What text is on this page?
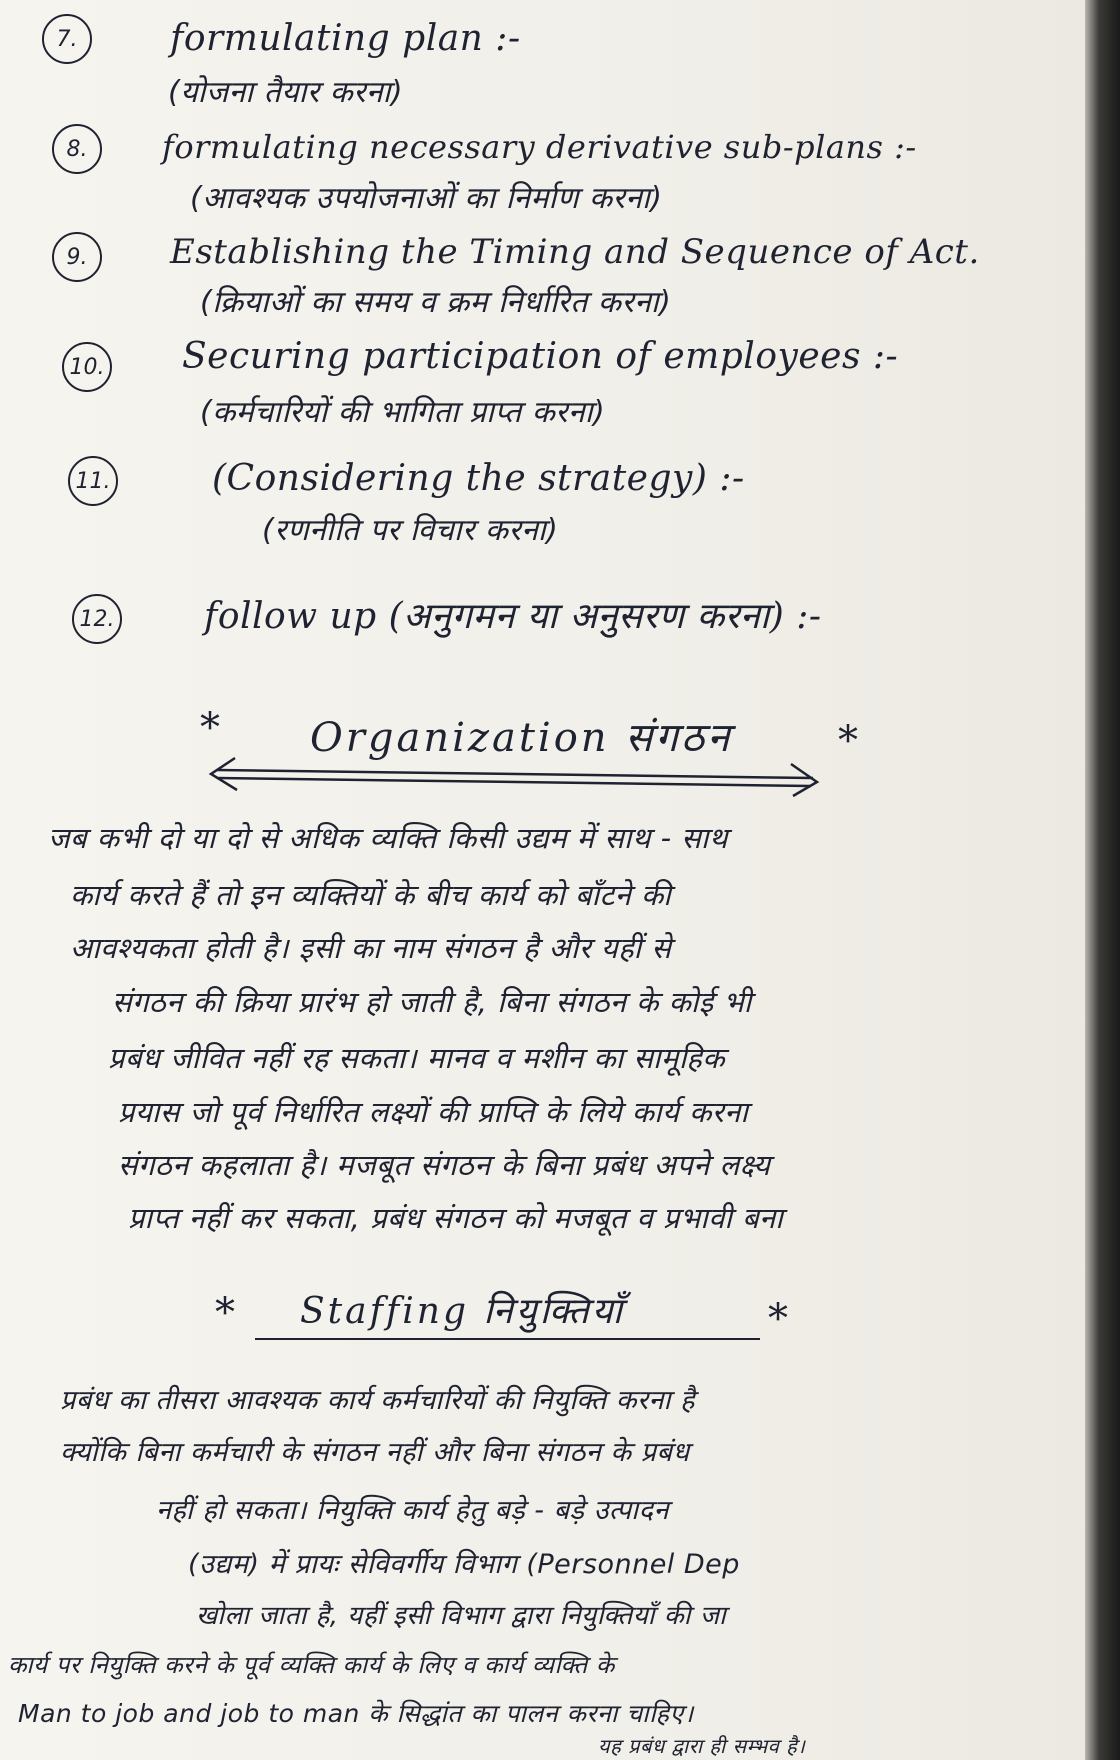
7.	formulating plan :-
(योजना तैयार करना)
8.	formulating necessary derivative sub-plans :-
(आवश्यक उपयोजनाओं का निर्माण करना)
9.	Establishing the Timing and Sequence of Act.
(क्रियाओं का समय व क्रम निर्धारित करना)
10. Securing participation of employees :-
(कर्मचारियों की भागिता प्राप्त करना)
11.	(Considering the strategy) :-
(रणनीति पर विचार करना)
12. follow up (अनुगमन या अनुसरण करना) :-
* Organization संगठन	*
जब कभी दो या दो से अधिक व्यक्ति किसी उद्यम में साथ - साथ
कार्य करते हैं तो इन व्यक्तियों के बीच कार्य को बाँटने की
आवश्यकता होती है। इसी का नाम संगठन है और यहीं से
संगठन की क्रिया प्रारंभ हो जाती है, बिना संगठन के कोई भी
प्रबंध जीवित नहीं रह सकता। मानव व मशीन का सामूहिक
प्रयास जो पूर्व निर्धारित लक्ष्यों की प्राप्ति के लिये कार्य करना
संगठन कहलाता है। मजबूत संगठन के बिना प्रबंध अपने लक्ष्य
प्राप्त नहीं कर सकता, प्रबंध संगठन को मजबूत व प्रभावी बना
* Staffing नियुक्तियाँ	*
प्रबंध का तीसरा आवश्यक कार्य कर्मचारियों की नियुक्ति करना है
क्योंकि बिना कर्मचारी के संगठन नहीं और बिना संगठन के प्रबंध
नहीं हो सकता। नियुक्ति कार्य हेतु बड़े - बड़े उत्पादन
(उद्यम) में प्रायः सेविवर्गीय विभाग (Personnel Dep
खोला जाता है, यहीं इसी विभाग द्वारा नियुक्तियाँ की जा
कार्य पर नियुक्ति करने के पूर्व व्यक्ति कार्य के लिए व कार्य व्यक्ति के
Man to job and job to man के सिद्धांत का पालन करना चाहिए।
यह प्रबंध द्वारा ही सम्भव है।
